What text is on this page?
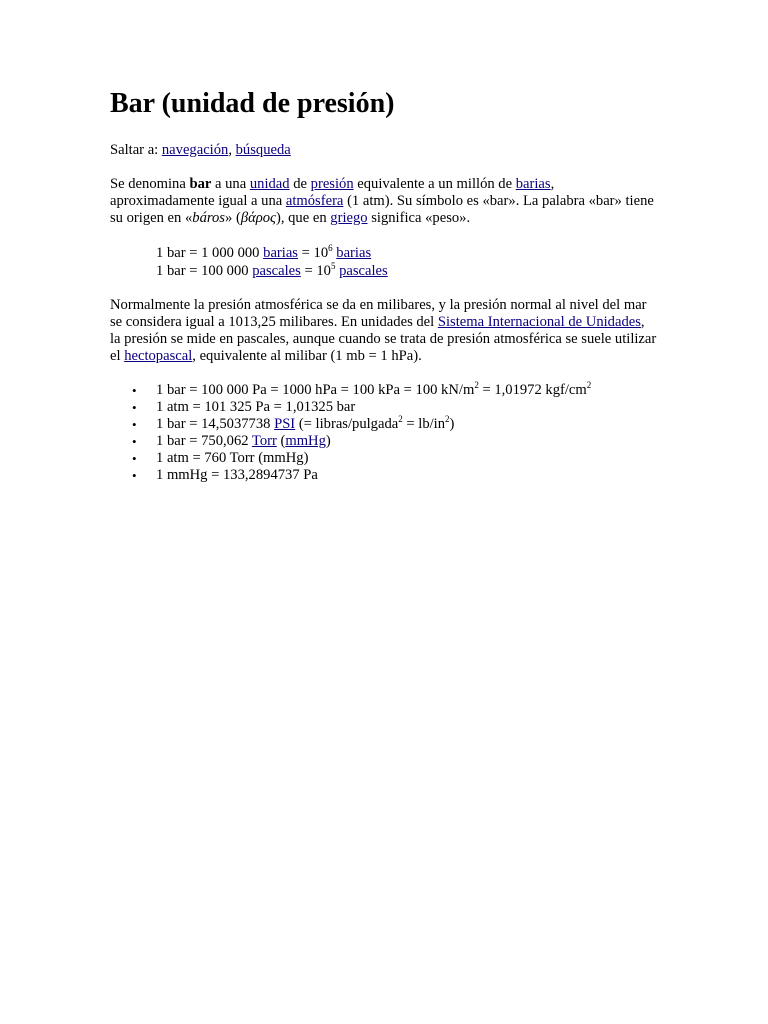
Bar (unidad de presión)

Saltar a: navegación, búsqueda

Se denomina bar a una unidad de presión equivalente a un millón de barias, aproximadamente igual a una atmósfera (1 atm). Su símbolo es «bar». La palabra «bar» tiene su origen en «báros» (βάρος), que en griego significa «peso».

1 bar = 1 000 000 barias = $10^6$ barias
1 bar = 100 000 pascales = $10^5$ pascales

Normalmente la presión atmosférica se da en milibares, y la presión normal al nivel del mar se considera igual a 1013,25 milibares. En unidades del Sistema Internacional de Unidades, la presión se mide en pascales, aunque cuando se trata de presión atmosférica se suele utilizar el hectopascal, equivalente al milibar (1 mb = 1 hPa).

• 1 bar = 100 000 Pa = 1000 hPa = 100 kPa = 100 $kN/m^2 = 1,01972$ kgf/$cm^2$
• 1 atm = 101 325 Pa = 1,01325 bar
• 1 bar = 14,5037738 PSI (= libras/pulgada$^2$ = $lb/in^2$)
• 1 bar = 750,062 Torr (mmHg)
• 1 atm = 760 Torr (mmHg)
• 1 mmHg = 133,2894737 Pa
